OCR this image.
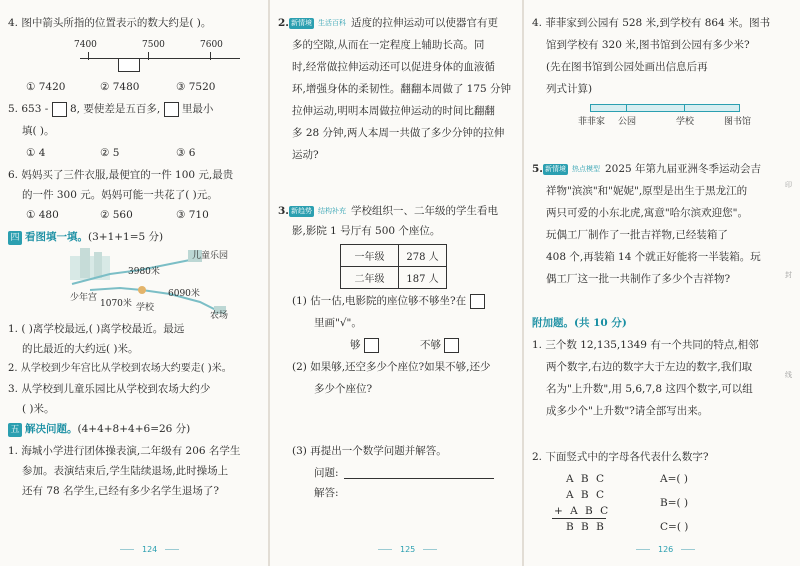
4. 图中箭头所指的位置表示的数大约是( )。
7400	7500	7600
① 7420	② 7480	③ 7520
5. 653 - 8, 要使差是五百多, 里最小
填( )。
① 4	② 5	③ 6
6. 妈妈买了三件衣服,最便宜的一件 100 元,最贵
的一件 300 元。妈妈可能一共花了( )元。
① 480	② 560	③ 710
四 看图填一填。(3+1+1=5 分)
儿童乐园
3980米
少年宫
1070米 学校
6090米
农场
1. ( )离学校最远,( )离学校最近。最远
的比最近的大约远( )米。
2. 从学校到少年宫比从学校到农场大约要走( )米。
3. 从学校到儿童乐园比从学校到农场大约少
( )米。
五 解决问题。(4+4+8+4+6=26 分)
1. 海城小学进行团体操表演,二年级有 206 名学生
参加。表演结束后,学生陆续退场,此时操场上
还有 78 名学生,已经有多少名学生退场了?
124
2. 新情境 生活百科 适度的拉伸运动可以使器官有更
多的空隙,从而在一定程度上辅助长高。同
时,经常做拉伸运动还可以促进身体的血液循
环,增强身体的柔韧性。翻翻本周做了 175 分钟
拉伸运动,明明本周做拉伸运动的时间比翻翻
多 28 分钟,两人本周一共做了多少分钟的拉伸
运动?
3. 新趋势 结构补充 学校组织一、二年级的学生看电
影,影院 1 号厅有 500 个座位。
一年级	278 人
二年级	187 人
(1) 估一估,电影院的座位够不够坐?在
里画"√"。
够	不够
(2) 如果够,还空多少个座位?如果不够,还少
多少个座位?
(3) 再提出一个数学问题并解答。
问题:
解答:
125
4. 菲菲家到公园有 528 米,到学校有 864 米。图书
馆到学校有 320 米,图书馆到公园有多少米?
(先在图书馆到公园处画出信息后再
列式计算)
菲菲家 公园	学校	图书馆
5. 新情境 热点模型 2025 年第九届亚洲冬季运动会吉
祥物"滨滨"和"妮妮",原型是出生于黑龙江的
两只可爱的小东北虎,寓意"哈尔滨欢迎您"。
玩偶工厂制作了一批吉祥物,已经装箱了
408 个,再装箱 14 个就正好能将一半装箱。玩
偶工厂这一批一共制作了多少个吉祥物?
附加题。(共 10 分)
1. 三个数 12,135,1349 有一个共同的特点,相邻
两个数字,右边的数字大于左边的数字,我们取
名为"上升数",用 5,6,7,8 这四个数字,可以组
成多少个"上升数"?请全部写出来。
2. 下面竖式中的字母各代表什么数字?
A B C
A B C
+ A B C
B B B
A=( )
B=( )
C=( )
印
封
线
126
